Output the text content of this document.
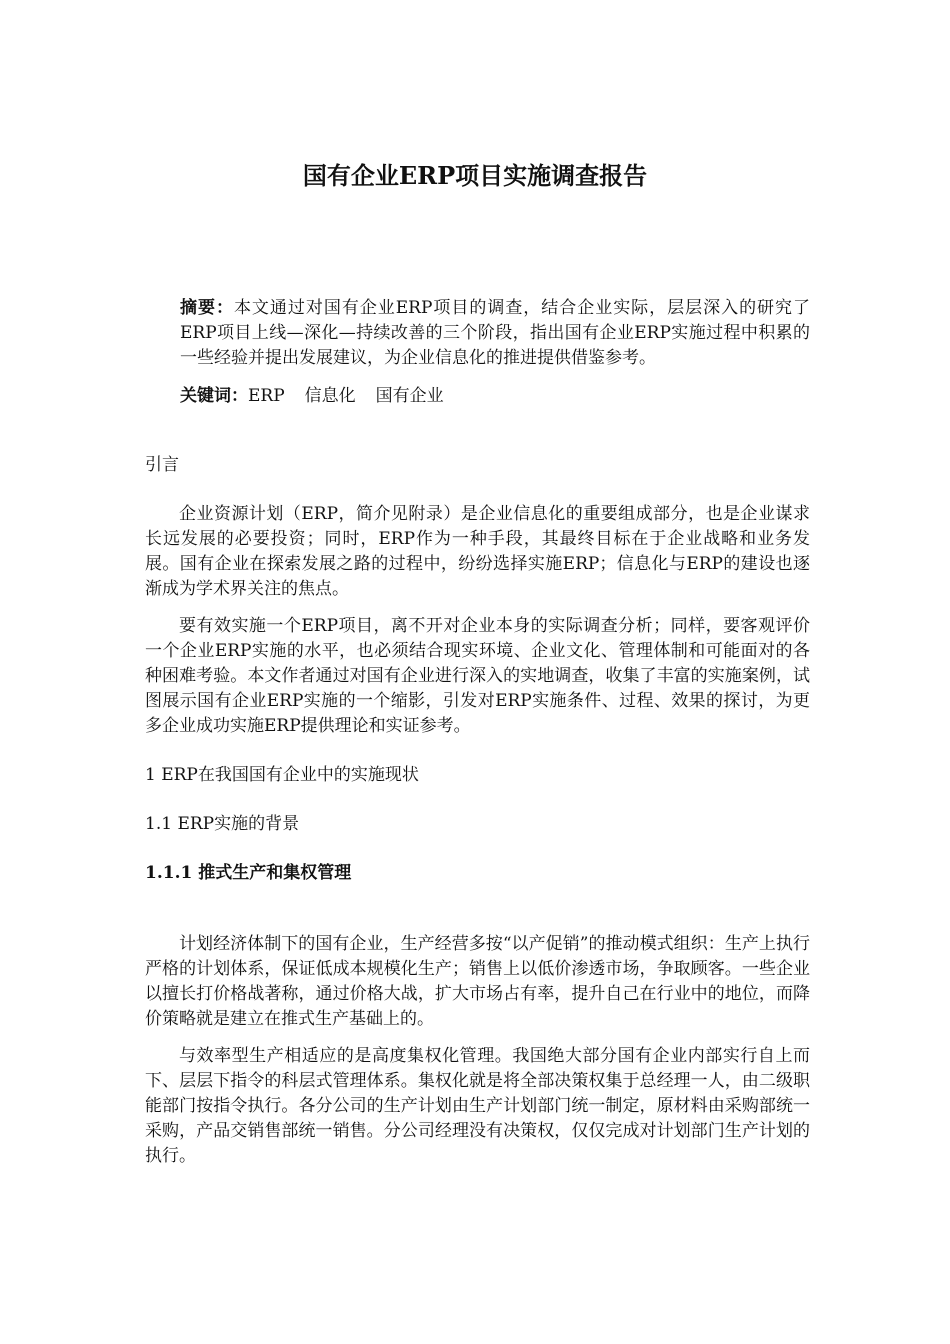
国有企业ERP项目实施调查报告

摘要：本文通过对国有企业ERP项目的调查，结合企业实际，层层深入的研究了ERP项目上线—深化—持续改善的三个阶段，指出国有企业ERP实施过程中积累的一些经验并提出发展建议，为企业信息化的推进提供借鉴参考。

关键词：ERP 信息化 国有企业

引言

企业资源计划（ERP，简介见附录）是企业信息化的重要组成部分，也是企业谋求长远发展的必要投资；同时，ERP作为一种手段，其最终目标在于企业战略和业务发展。国有企业在探索发展之路的过程中，纷纷选择实施ERP；信息化与ERP的建设也逐渐成为学术界关注的焦点。

要有效实施一个ERP项目，离不开对企业本身的实际调查分析；同样，要客观评价一个企业ERP实施的水平，也必须结合现实环境、企业文化、管理体制和可能面对的各种困难考验。本文作者通过对国有企业进行深入的实地调查，收集了丰富的实施案例，试图展示国有企业ERP实施的一个缩影，引发对ERP实施条件、过程、效果的探讨，为更多企业成功实施ERP提供理论和实证参考。

1 ERP在我国国有企业中的实施现状

1.1 ERP实施的背景

1.1.1 推式生产和集权管理

计划经济体制下的国有企业，生产经营多按“以产促销”的推动模式组织：生产上执行严格的计划体系，保证低成本规模化生产；销售上以低价渗透市场，争取顾客。一些企业以擅长打价格战著称，通过价格大战，扩大市场占有率，提升自己在行业中的地位，而降价策略就是建立在推式生产基础上的。

与效率型生产相适应的是高度集权化管理。我国绝大部分国有企业内部实行自上而下、层层下指令的科层式管理体系。集权化就是将全部决策权集于总经理一人，由二级职能部门按指令执行。各分公司的生产计划由生产计划部门统一制定，原材料由采购部统一采购，产品交销售部统一销售。分公司经理没有决策权，仅仅完成对计划部门生产计划的执行。
